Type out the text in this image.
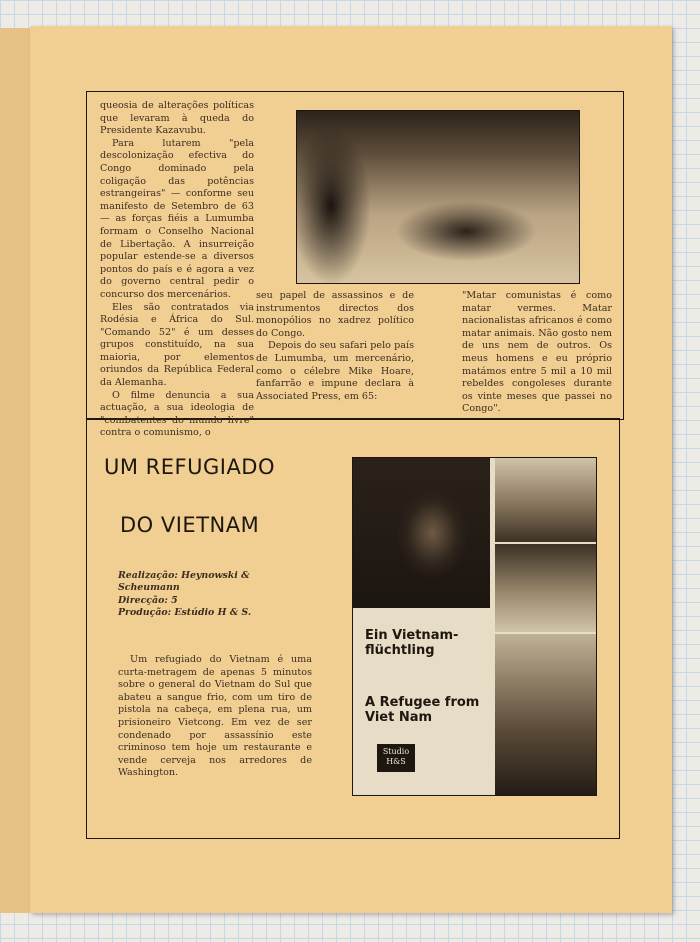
queosia de alterações políticas que levaram à queda do Presidente Kazavubu.

Para lutarem "pela descolonização efectiva do Congo dominado pela coligação das potências estrangeiras" — conforme seu manifesto de Setembro de 63 — as forças fiéis a Lumumba formam o Conselho Nacional de Libertação. A insurreição popular estende-se a diversos pontos do país e é agora a vez do governo central pedir o concurso dos mercenários.

Eles são contratados via Rodésia e África do Sul. "Comando 52" é um desses grupos constituído, na sua maioria, por elementos oriundos da República Federal da Alemanha.

O filme denuncia a sua actuação, a sua ideologia de "combatentes do mundo livre" contra o comunismo, o

seu papel de assassinos e de instrumentos directos dos monopólios no xadrez político do Congo.

Depois do seu safari pelo país de Lumumba, um mercenário, como o célebre Mike Hoare, fanfarrão e impune declara à Associated Press, em 65:

"Matar comunistas é como matar vermes. Matar nacionalistas africanos é como matar animais. Não gosto nem de uns nem de outros. Os meus homens e eu próprio matámos entre 5 mil a 10 mil rebeldes congoleses durante os vinte meses que passei no Congo".

UM REFUGIADO
DO VIETNAM
Realização: Heynowski & Scheumann
Direcção: 5
Produção: Estúdio H & S.

Um refugiado do Vietnam é uma curta-metragem de apenas 5 minutos sobre o general do Vietnam do Sul que abateu a sangue frio, com um tiro de pistola na cabeça, em plena rua, um prisioneiro Vietcong. Em vez de ser condenado por assassínio este criminoso tem hoje um restaurante e vende cerveja nos arredores de Washington.

Ein Vietnam-flüchtling
A Refugee from Viet Nam
Studio
H&S
